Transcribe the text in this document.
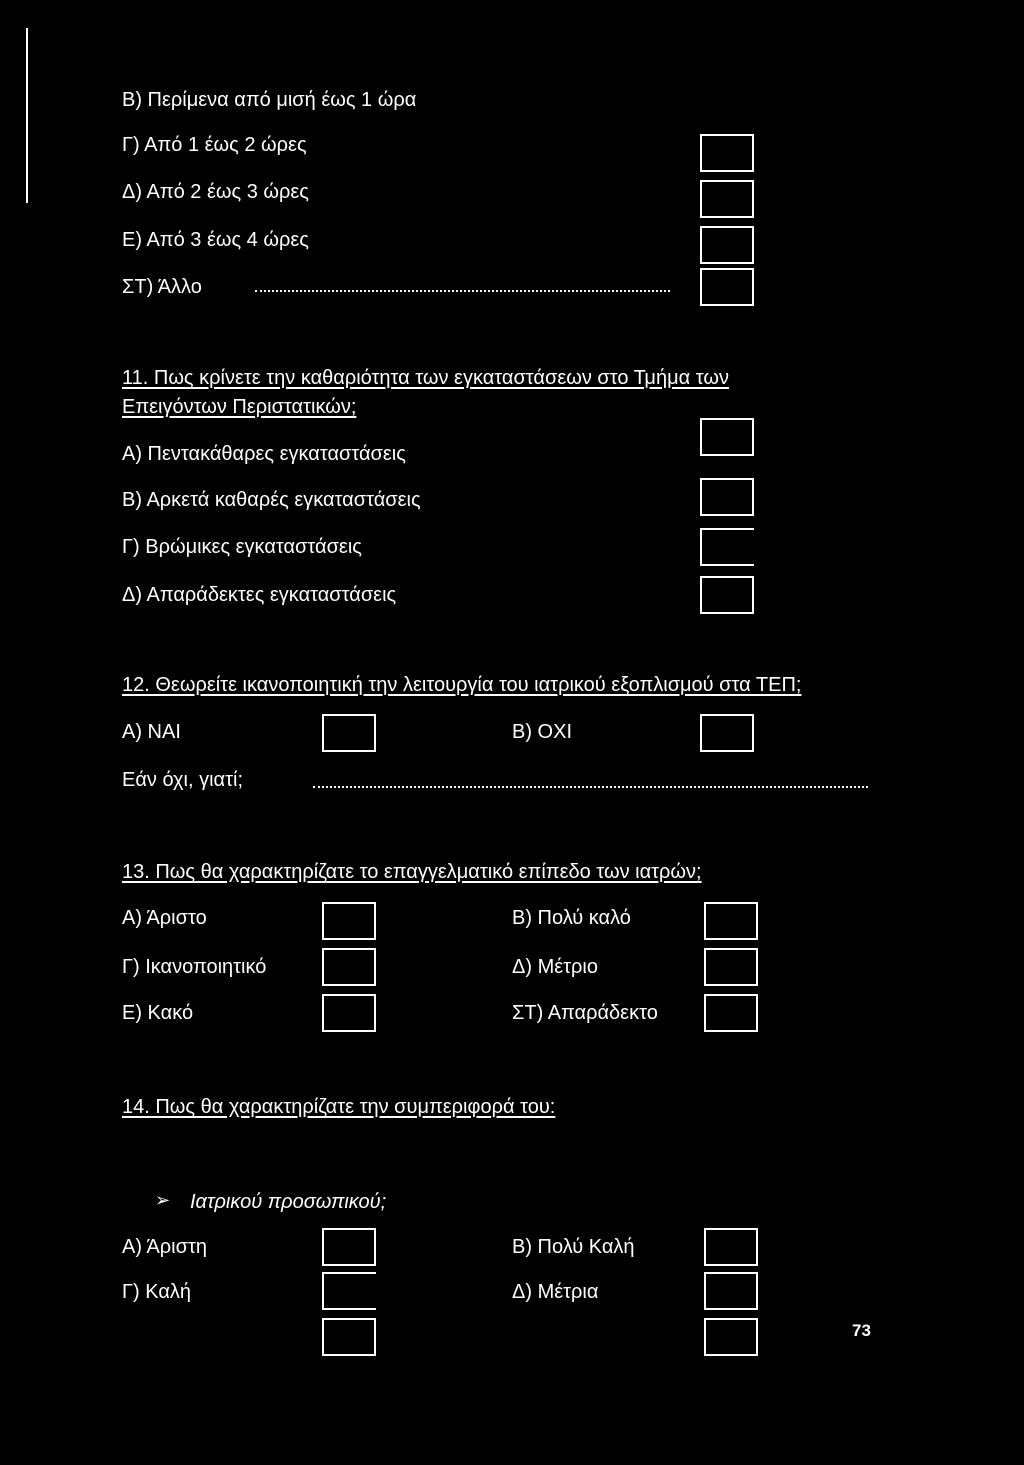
Β) Περίμενα από μισή έως 1 ώρα
Γ) Από 1 έως 2 ώρες
Δ) Από 2 έως 3 ώρες
Ε) Από 3 έως 4 ώρες
ΣΤ) Άλλο
11. Πως κρίνετε την καθαριότητα των εγκαταστάσεων στο Τμήμα των
Επειγόντων Περιστατικών;
Α) Πεντακάθαρες εγκαταστάσεις
Β) Αρκετά καθαρές εγκαταστάσεις
Γ) Βρώμικες εγκαταστάσεις
Δ) Απαράδεκτες εγκαταστάσεις
12. Θεωρείτε ικανοποιητική την λειτουργία του ιατρικού εξοπλισμού στα ΤΕΠ;
Α) ΝΑΙ	Β) ΟΧΙ
Εάν όχι, γιατί;
13. Πως θα χαρακτηρίζατε το επαγγελματικό επίπεδο των ιατρών;
Α) Άριστο	Β) Πολύ καλό
Γ) Ικανοποιητικό	Δ) Μέτριο
Ε) Κακό	ΣΤ) Απαράδεκτο
14. Πως θα χαρακτηρίζατε την συμπεριφορά του:
➢ Ιατρικού προσωπικού;
Α) Άριστη	Β) Πολύ Καλή
Γ) Καλή	Δ) Μέτρια
73
